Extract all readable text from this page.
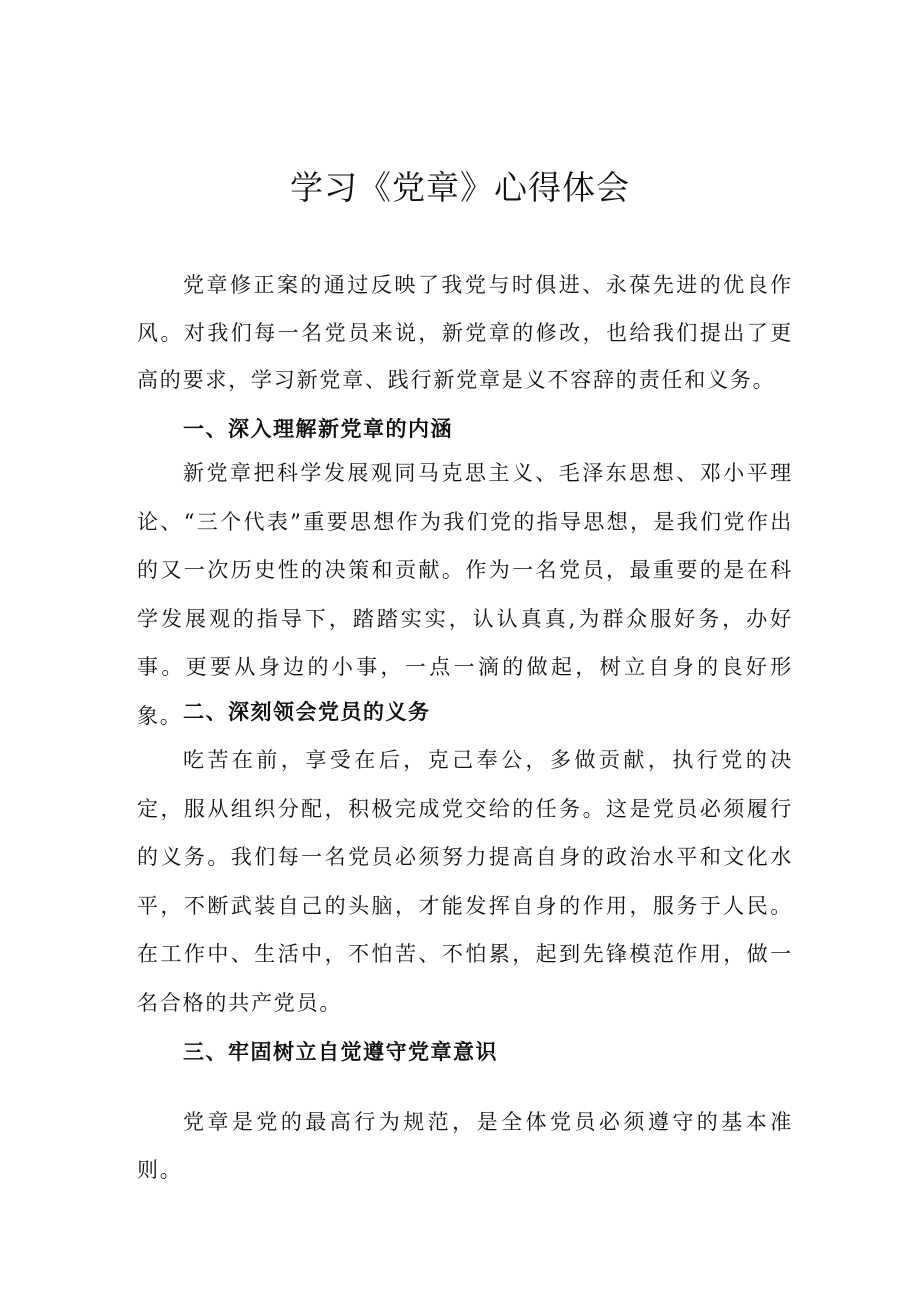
学习《党章》心得体会

党章修正案的通过反映了我党与时俱进、永葆先进的优良作风。对我们每一名党员来说，新党章的修改，也给我们提出了更高的要求，学习新党章、践行新党章是义不容辞的责任和义务。

一、深入理解新党章的内涵

新党章把科学发展观同马克思主义、毛泽东思想、邓小平理论、“三个代表”重要思想作为我们党的指导思想，是我们党作出的又一次历史性的决策和贡献。作为一名党员，最重要的是在科学发展观的指导下，踏踏实实，认认真真,为群众服好务，办好事。更要从身边的小事，一点一滴的做起，树立自身的良好形象。 二、深刻领会党员的义务

吃苦在前，享受在后，克己奉公，多做贡献，执行党的决定，服从组织分配，积极完成党交给的任务。这是党员必须履行的义务。我们每一名党员必须努力提高自身的政治水平和文化水平，不断武装自己的头脑，才能发挥自身的作用，服务于人民。在工作中、生活中，不怕苦、不怕累，起到先锋模范作用，做一名合格的共产党员。

三、牢固树立自觉遵守党章意识

党章是党的最高行为规范，是全体党员必须遵守的基本准则。
